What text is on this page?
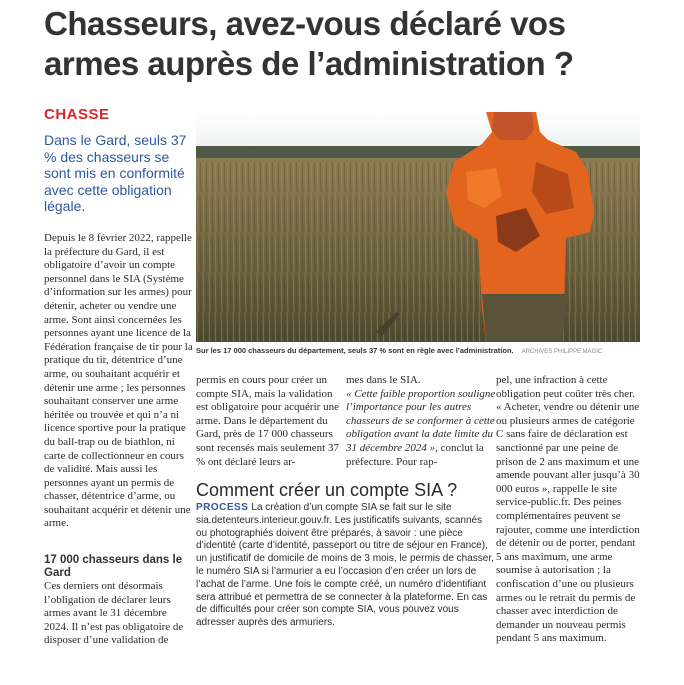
Chasseurs, avez-vous déclaré vos armes auprès de l’administration ?
CHASSE
Dans le Gard, seuls 37 % des chasseurs se sont mis en conformité avec cette obligation légale.
Sur les 17 000 chasseurs du département, seuls 37 % sont en règle avec l’administration. ARCHIVES PHILIPPE MAGIC

Depuis le 8 février 2022, rappelle la préfecture du Gard, il est obligatoire d’avoir un compte personnel dans le SIA (Système d’information sur les armes) pour détenir, acheter ou vendre une arme. Sont ainsi concernées les personnes ayant une licence de la Fédération française de tir pour la pratique du tir, détentrice d’une arme, ou souhaitant acquérir et détenir une arme ; les personnes souhaitant conserver une arme héritée ou trouvée et qui n’a ni licence sportive pour la pratique du ball-trap ou de biathlon, ni carte de collectionneur en cours de validité. Mais aussi les personnes ayant un permis de chasser, détentrice d’arme, ou souhaitant acquérir et détenir une arme.

17 000 chasseurs dans le Gard

Ces derniers ont désormais l’obligation de déclarer leurs armes avant le 31 décembre 2024. Il n’est pas obligatoire de disposer d’une validation de

permis en cours pour créer un compte SIA, mais la validation est obligatoire pour acquérir une arme. Dans le département du Gard, près de 17 000 chasseurs sont recensés mais seulement 37 % ont déclaré leurs ar-

mes dans le SIA.
« Cette faible proportion souligne l’importance pour les autres chasseurs de se conformer à cette obligation avant la date limite du 31 décembre 2024 », conclut la préfecture. Pour rap-

pel, une infraction à cette obligation peut coûter très cher. « Acheter, vendre ou détenir une ou plusieurs armes de catégorie C sans faire de déclaration est sanctionné par une peine de prison de 2 ans maximum et une amende pouvant aller jusqu’à 30 000 euros », rappelle le site service-public.fr. Des peines complémentaires peuvent se rajouter, comme une interdiction de détenir ou de porter, pendant 5 ans maximum, une arme soumise à autorisation ; la confiscation d’une ou plusieurs armes ou le retrait du permis de chasser avec interdiction de demander un nouveau permis pendant 5 ans maximum.

Comment créer un compte SIA ?
PROCESS La création d’un compte SIA se fait sur le site sia.detenteurs.interieur.gouv.fr. Les justificatifs suivants, scannés ou photographiés doivent être préparés, à savoir : une pièce d’identité (carte d’identité, passeport ou titre de séjour en France), un justificatif de domicile de moins de 3 mois, le permis de chasser, le numéro SIA si l’armurier a eu l’occasion d’en créer un lors de l’achat de l’arme. Une fois le compte créé, un numéro d’identifiant sera attribué et permettra de se connecter à la plateforme. En cas de difficultés pour créer son compte SIA, vous pouvez vous adresser auprès des armuriers.
